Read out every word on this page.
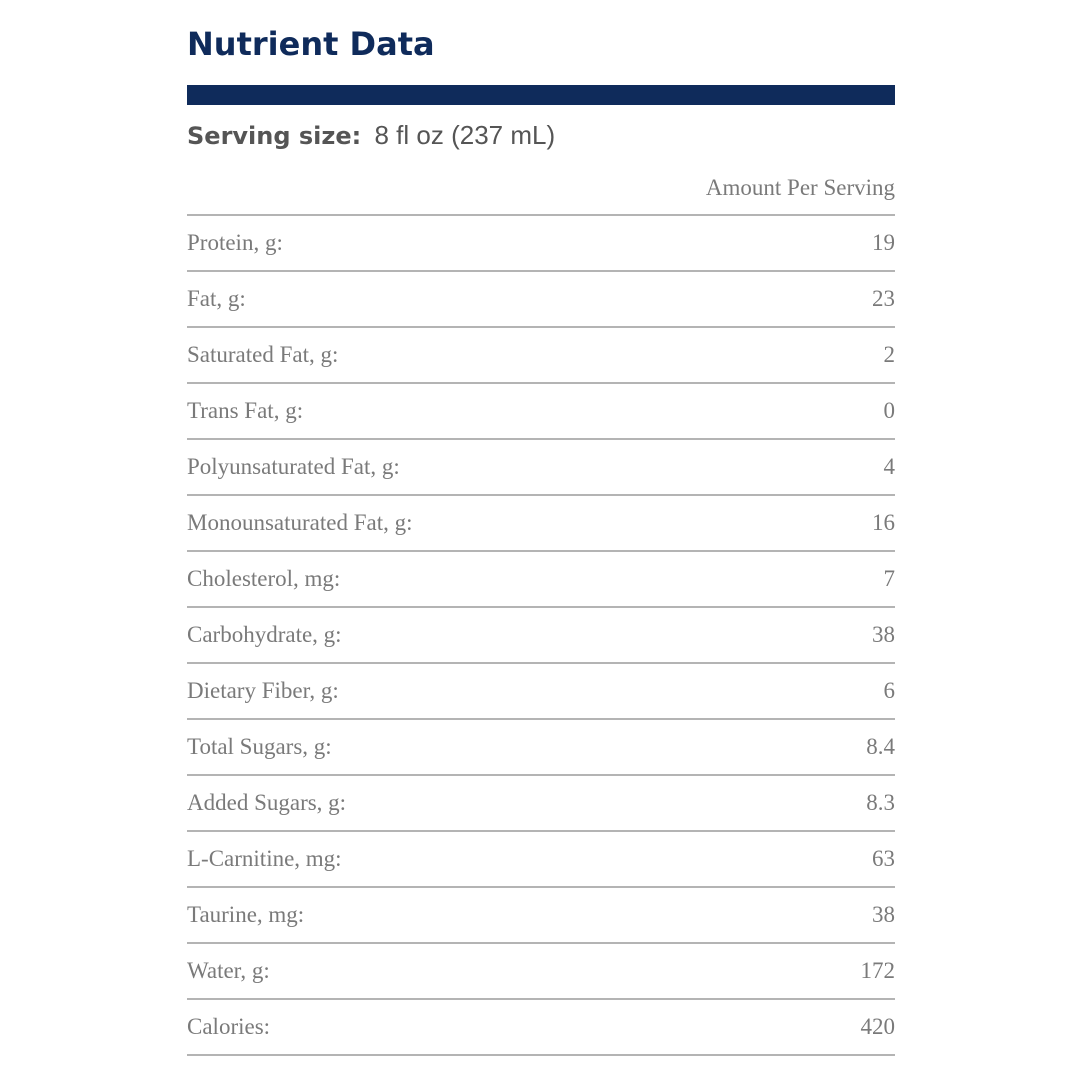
Nutrient Data
Serving size: 8 fl oz (237 mL)
Amount Per Serving
Protein, g:	19
Fat, g:	23
Saturated Fat, g:	2
Trans Fat, g:	0
Polyunsaturated Fat, g:	4
Monounsaturated Fat, g:	16
Cholesterol, mg:	7
Carbohydrate, g:	38
Dietary Fiber, g:	6
Total Sugars, g:	8.4
Added Sugars, g:	8.3
L-Carnitine, mg:	63
Taurine, mg:	38
Water, g:	172
Calories:	420
